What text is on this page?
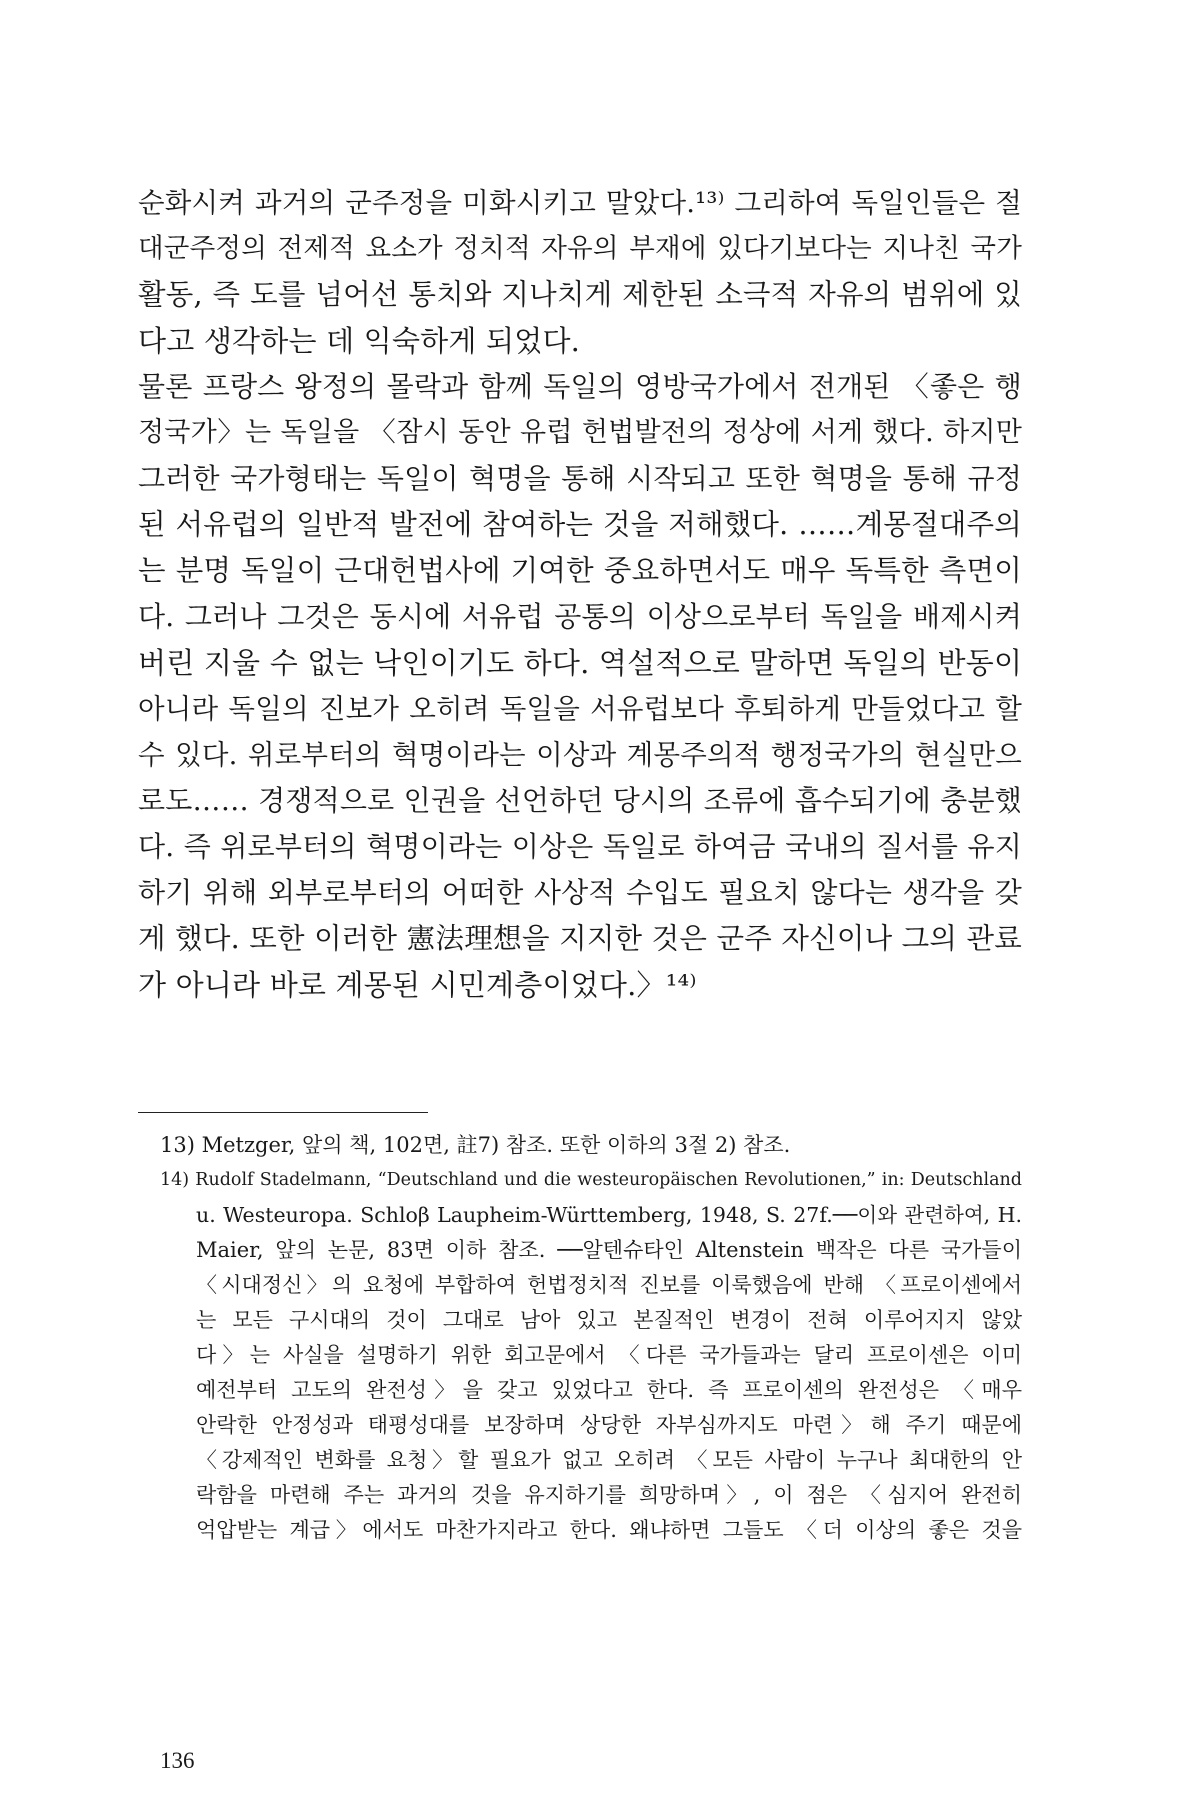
순화시켜 과거의 군주정을 미화시키고 말았다.¹³⁾ 그리하여 독일인들은 절
대군주정의 전제적 요소가 정치적 자유의 부재에 있다기보다는 지나친 국가
활동, 즉 도를 넘어선 통치와 지나치게 제한된 소극적 자유의 범위에 있
다고 생각하는 데 익숙하게 되었다.
물론 프랑스 왕정의 몰락과 함께 독일의 영방국가에서 전개된 〈좋은 행
정국가〉는 독일을 〈잠시 동안 유럽 헌법발전의 정상에 서게 했다. 하지만
그러한 국가형태는 독일이 혁명을 통해 시작되고 또한 혁명을 통해 규정
된 서유럽의 일반적 발전에 참여하는 것을 저해했다. ……계몽절대주의
는 분명 독일이 근대헌법사에 기여한 중요하면서도 매우 독특한 측면이
다. 그러나 그것은 동시에 서유럽 공통의 이상으로부터 독일을 배제시켜
버린 지울 수 없는 낙인이기도 하다. 역설적으로 말하면 독일의 반동이
아니라 독일의 진보가 오히려 독일을 서유럽보다 후퇴하게 만들었다고 할
수 있다. 위로부터의 혁명이라는 이상과 계몽주의적 행정국가의 현실만으
로도…… 경쟁적으로 인권을 선언하던 당시의 조류에 흡수되기에 충분했
다. 즉 위로부터의 혁명이라는 이상은 독일로 하여금 국내의 질서를 유지
하기 위해 외부로부터의 어떠한 사상적 수입도 필요치 않다는 생각을 갖
게 했다. 또한 이러한 憲法理想을 지지한 것은 군주 자신이나 그의 관료
가 아니라 바로 계몽된 시민계층이었다.〉¹⁴⁾
13) Metzger, 앞의 책, 102면, 註7) 참조. 또한 이하의 3절 2) 참조.
14) Rudolf Stadelmann, “Deutschland und die westeuropäischen Revolutionen,” in: Deutschland
u. Westeuropa. Schloβ Laupheim-Württemberg, 1948, S. 27f.──이와 관련하여, H.
Maier, 앞의 논문, 83면 이하 참조. ──알텐슈타인 Altenstein 백작은 다른 국가들이
〈시대정신〉의 요청에 부합하여 헌법정치적 진보를 이룩했음에 반해 〈프로이센에서
는 모든 구시대의 것이 그대로 남아 있고 본질적인 변경이 전혀 이루어지지 않았
다〉는 사실을 설명하기 위한 회고문에서 〈다른 국가들과는 달리 프로이센은 이미
예전부터 고도의 완전성〉을 갖고 있었다고 한다. 즉 프로이센의 완전성은 〈매우
안락한 안정성과 태평성대를 보장하며 상당한 자부심까지도 마련〉해 주기 때문에
〈강제적인 변화를 요청〉할 필요가 없고 오히려 〈모든 사람이 누구나 최대한의 안
락함을 마련해 주는 과거의 것을 유지하기를 희망하며〉, 이 점은 〈심지어 완전히
억압받는 계급〉에서도 마찬가지라고 한다. 왜냐하면 그들도 〈더 이상의 좋은 것을
136
